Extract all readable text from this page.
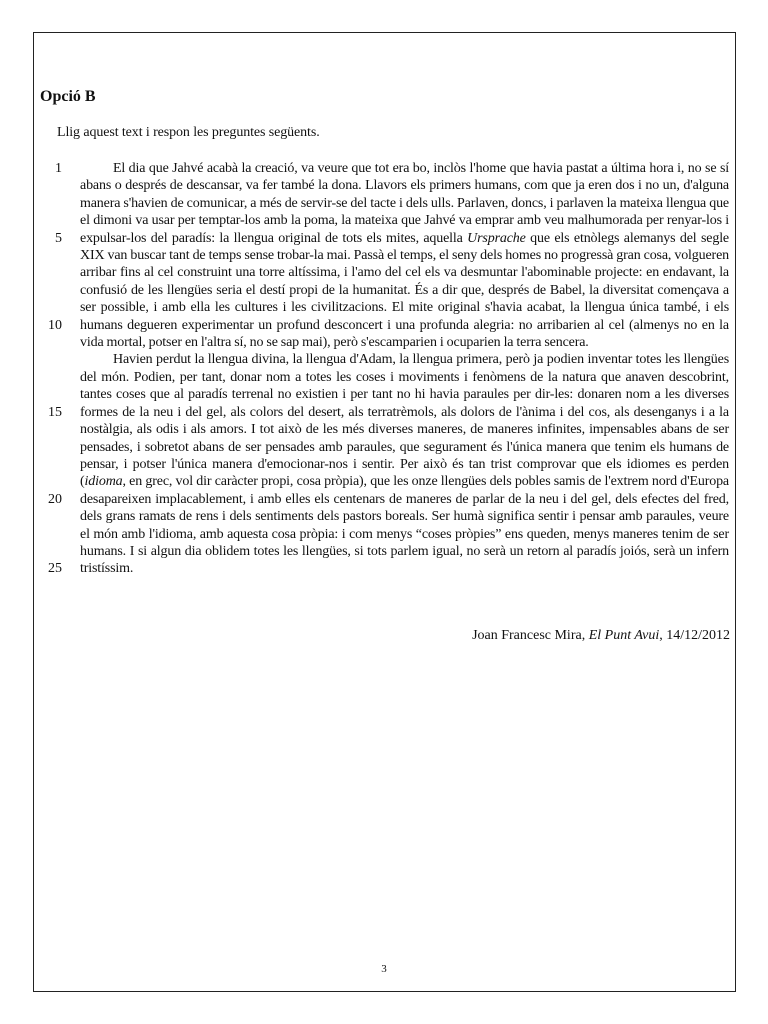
Opció B
Llig aquest text i respon les preguntes següents.
1
5
10
15
20
25

El dia que Jahvé acabà la creació, va veure que tot era bo, inclòs l'home que havia pastat a última hora i, no se sí abans o després de descansar, va fer també la dona. Llavors els primers humans, com que ja eren dos i no un, d'alguna manera s'havien de comunicar, a més de servir-se del tacte i dels ulls. Parlaven, doncs, i parlaven la mateixa llengua que el dimoni va usar per temptar-los amb la poma, la mateixa que Jahvé va emprar amb veu malhumorada per renyar-los i expulsar-los del paradís: la llengua original de tots els mites, aquella Ursprache que els etnòlegs alemanys del segle XIX van buscar tant de temps sense trobar-la mai. Passà el temps, el seny dels homes no progressà gran cosa, volgueren arribar fins al cel construint una torre altíssima, i l'amo del cel els va desmuntar l'abominable projecte: en endavant, la confusió de les llengües seria el destí propi de la humanitat. És a dir que, després de Babel, la diversitat començava a ser possible, i amb ella les cultures i les civilitzacions. El mite original s'havia acabat, la llengua única també, i els humans degueren experimentar un profund desconcert i una profunda alegria: no arribarien al cel (almenys no en la vida mortal, potser en l'altra sí, no se sap mai), però s'escamparien i ocuparien la terra sencera.

Havien perdut la llengua divina, la llengua d'Adam, la llengua primera, però ja podien inventar totes les llengües del món. Podien, per tant, donar nom a totes les coses i moviments i fenòmens de la natura que anaven descobrint, tantes coses que al paradís terrenal no existien i per tant no hi havia paraules per dir-les: donaren nom a les diverses formes de la neu i del gel, als colors del desert, als terratrèmols, als dolors de l'ànima i del cos, als desenganys i a la nostàlgia, als odis i als amors. I tot això de les més diverses maneres, de maneres infinites, impensables abans de ser pensades, i sobretot abans de ser pensades amb paraules, que segurament és l'única manera que tenim els humans de pensar, i potser l'única manera d'emocionar-nos i sentir. Per això és tan trist comprovar que els idiomes es perden (idioma, en grec, vol dir caràcter propi, cosa pròpia), que les onze llengües dels pobles samis de l'extrem nord d'Europa desapareixen implacablement, i amb elles els centenars de maneres de parlar de la neu i del gel, dels efectes del fred, dels grans ramats de rens i dels sentiments dels pastors boreals. Ser humà significa sentir i pensar amb paraules, veure el món amb l'idioma, amb aquesta cosa pròpia: i com menys “coses pròpies” ens queden, menys maneres tenim de ser humans. I si algun dia oblidem totes les llengües, si tots parlem igual, no serà un retorn al paradís joiós, serà un infern tristíssim.

Joan Francesc Mira, El Punt Avui, 14/12/2012
3
